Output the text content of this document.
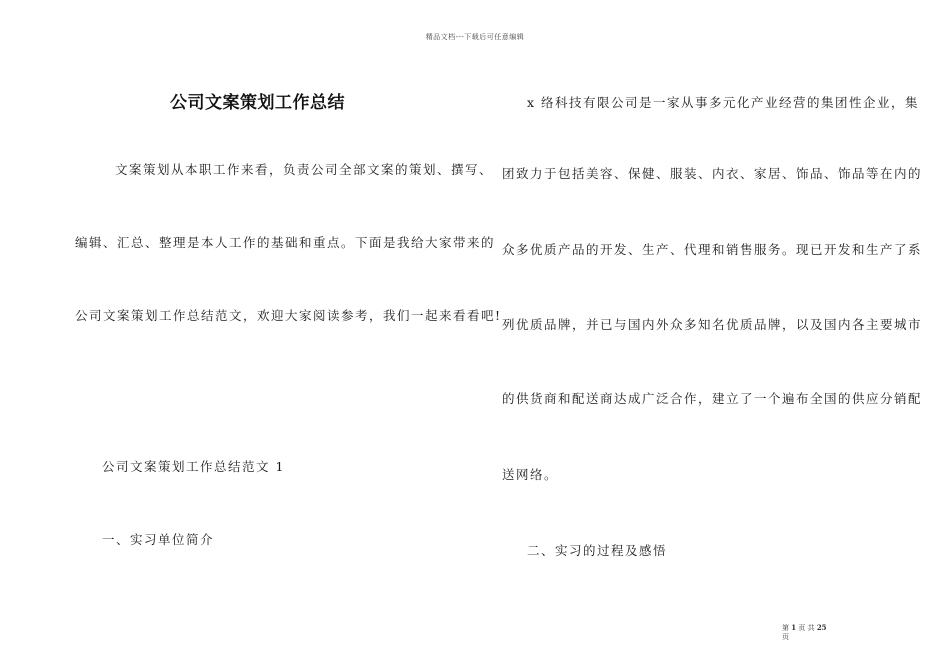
精品文档---下载后可任意编辑
公司文案策划工作总结
文案策划从本职工作来看，负责公司全部文案的策划、撰写、
编辑、汇总、整理是本人工作的基础和重点。下面是我给大家带来的
公司文案策划工作总结范文，欢迎大家阅读参考，我们一起来看看吧!
公司文案策划工作总结范文 1
一、实习单位简介
x 络科技有限公司是一家从事多元化产业经营的集团性企业，集
团致力于包括美容、保健、服装、内衣、家居、饰品、饰品等在内的
众多优质产品的开发、生产、代理和销售服务。现已开发和生产了系
列优质品牌，并已与国内外众多知名优质品牌，以及国内各主要城市
的供货商和配送商达成广泛合作，建立了一个遍布全国的供应分销配
送网络。
二、实习的过程及感悟
第 1 页 共 25
页
